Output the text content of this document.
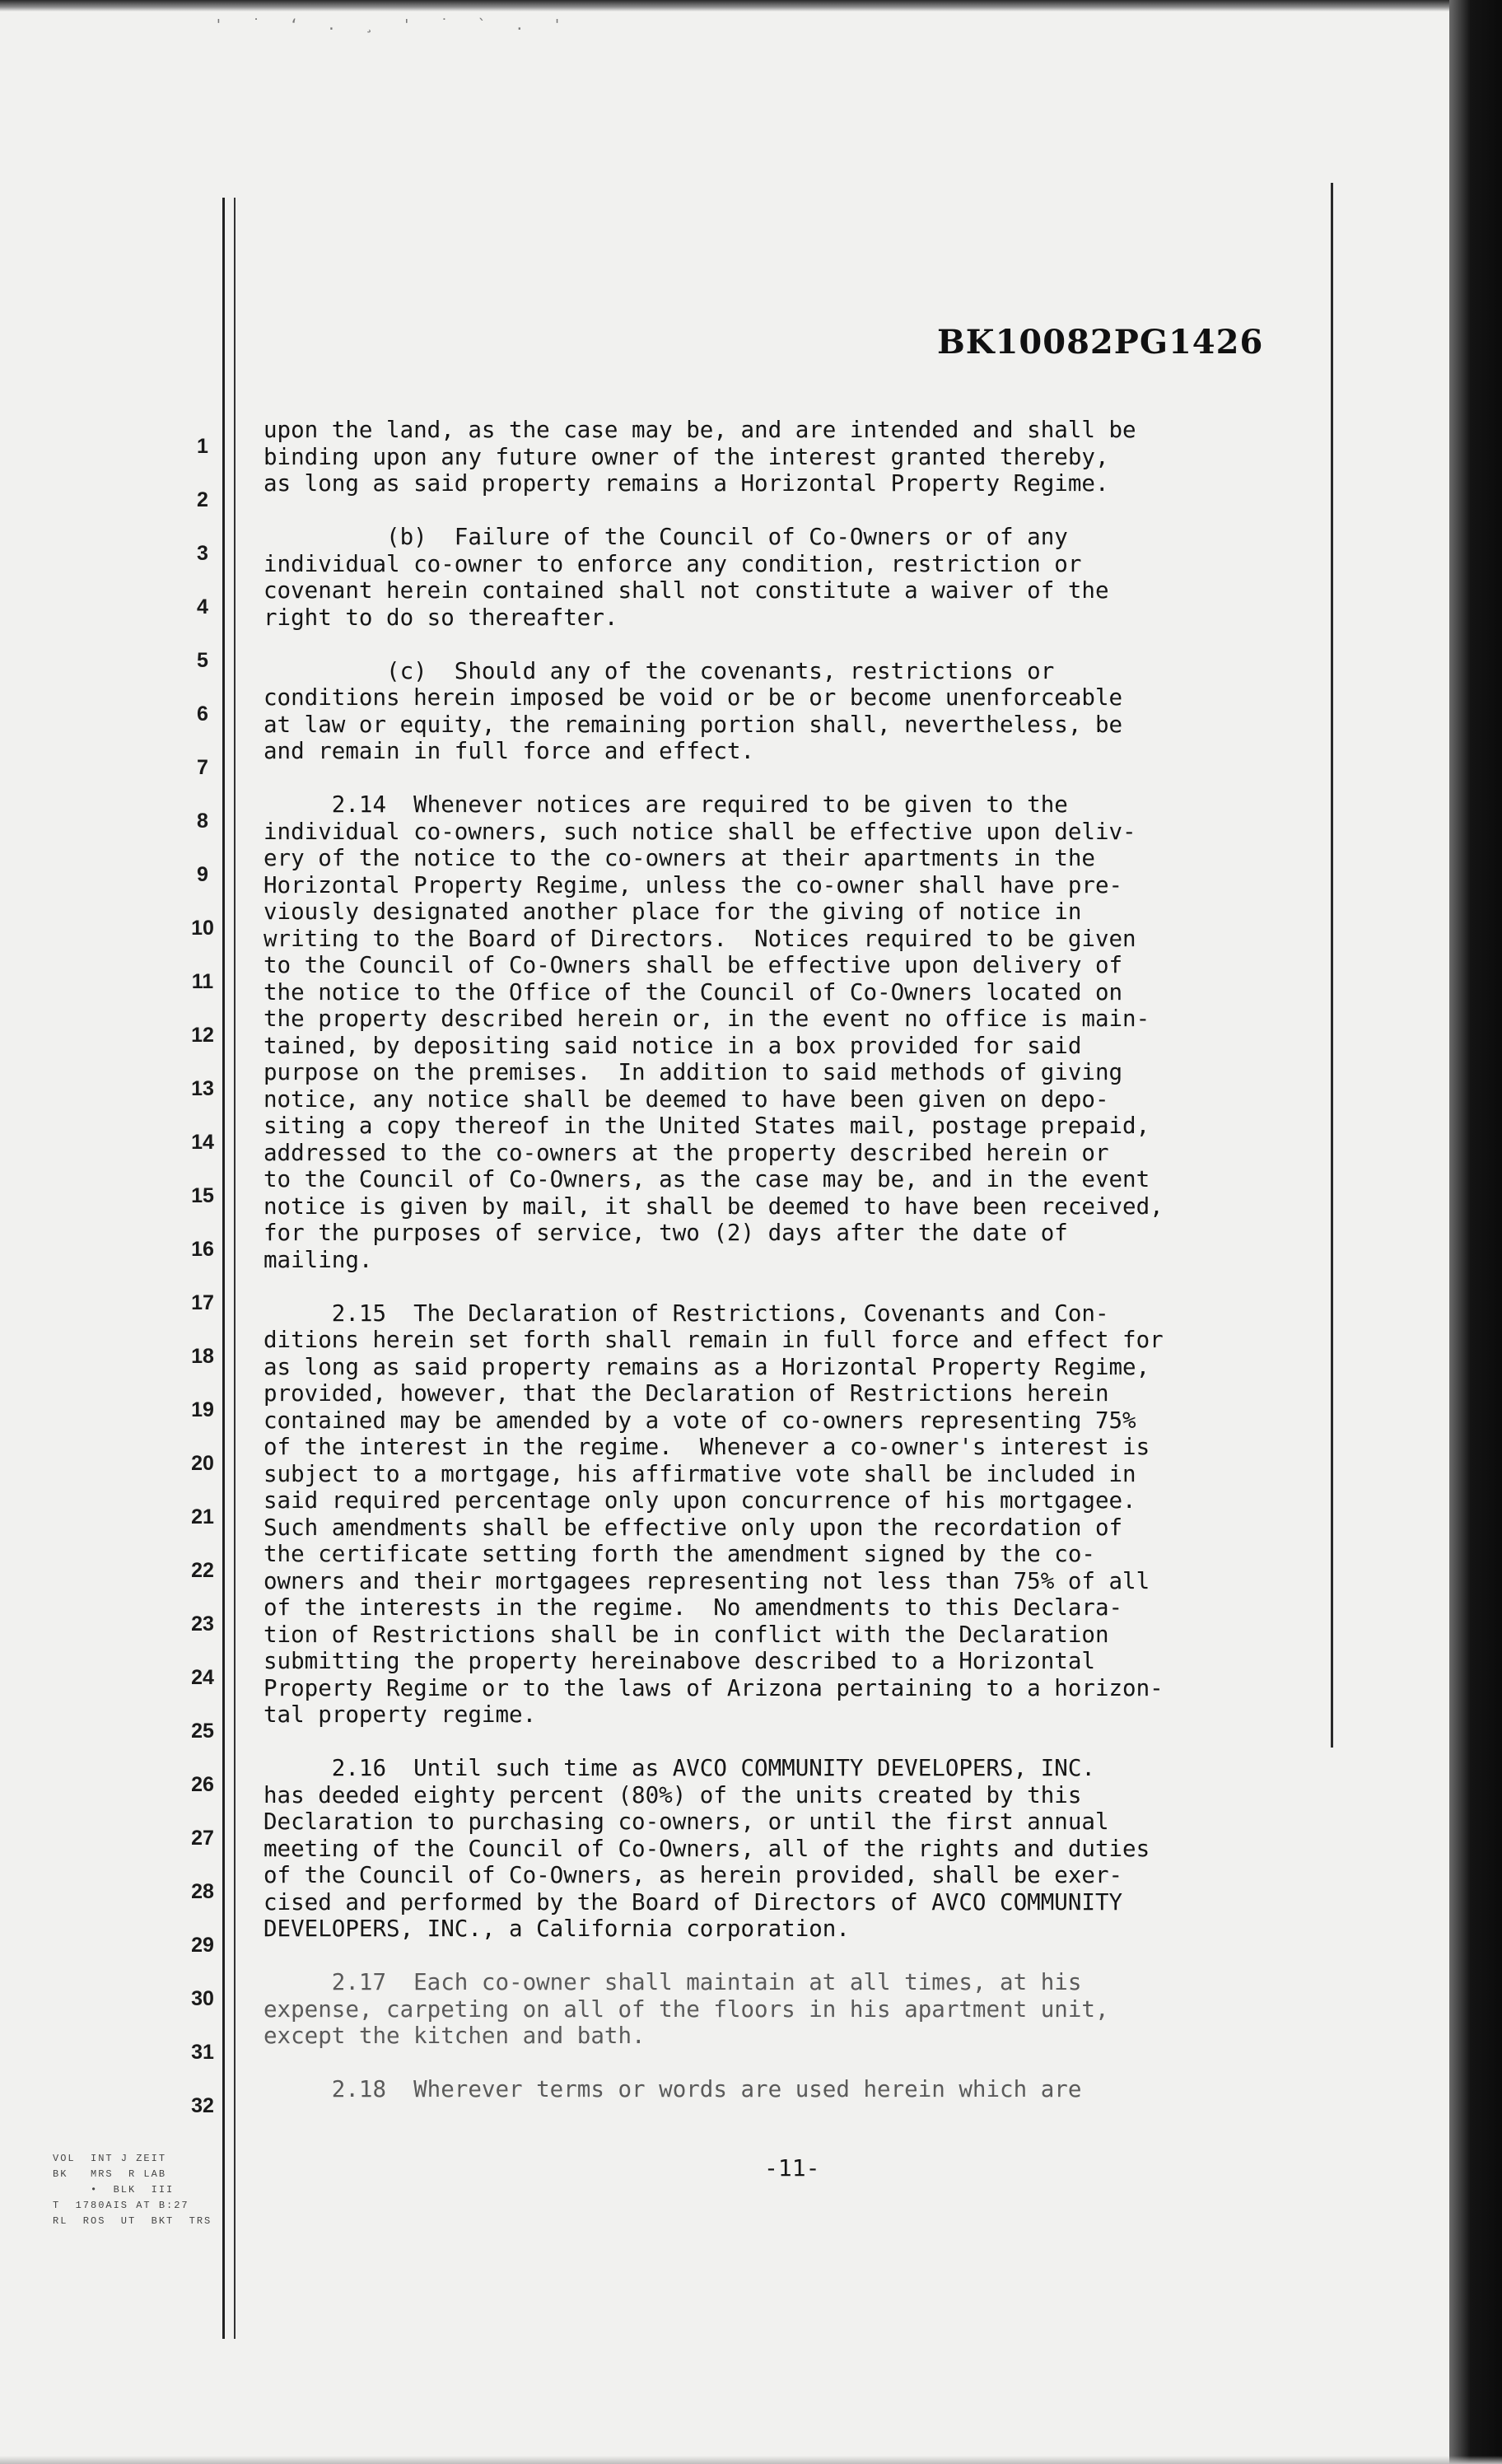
' ˙ ‘ . ¸ ' ˙ ` . '
BK10082PG1426
1
2
3
4
5
6
7
8
9
10
11
12
13
14
15
16
17
18
19
20
21
22
23
24
25
26
27
28
29
30
31
32
upon the land, as the case may be, and are intended and shall be
binding upon any future owner of the interest granted thereby,
as long as said property remains a Horizontal Property Regime.
(b)  Failure of the Council of Co-Owners or of any
individual co-owner to enforce any condition, restriction or
covenant herein contained shall not constitute a waiver of the
right to do so thereafter.
(c)  Should any of the covenants, restrictions or
conditions herein imposed be void or be or become unenforceable
at law or equity, the remaining portion shall, nevertheless, be
and remain in full force and effect.
2.14  Whenever notices are required to be given to the
individual co-owners, such notice shall be effective upon deliv-
ery of the notice to the co-owners at their apartments in the
Horizontal Property Regime, unless the co-owner shall have pre-
viously designated another place for the giving of notice in
writing to the Board of Directors.  Notices required to be given
to the Council of Co-Owners shall be effective upon delivery of
the notice to the Office of the Council of Co-Owners located on
the property described herein or, in the event no office is main-
tained, by depositing said notice in a box provided for said
purpose on the premises.  In addition to said methods of giving
notice, any notice shall be deemed to have been given on depo-
siting a copy thereof in the United States mail, postage prepaid,
addressed to the co-owners at the property described herein or
to the Council of Co-Owners, as the case may be, and in the event
notice is given by mail, it shall be deemed to have been received,
for the purposes of service, two (2) days after the date of
mailing.
2.15  The Declaration of Restrictions, Covenants and Con-
ditions herein set forth shall remain in full force and effect for
as long as said property remains as a Horizontal Property Regime,
provided, however, that the Declaration of Restrictions herein
contained may be amended by a vote of co-owners representing 75%
of the interest in the regime.  Whenever a co-owner's interest is
subject to a mortgage, his affirmative vote shall be included in
said required percentage only upon concurrence of his mortgagee.
Such amendments shall be effective only upon the recordation of
the certificate setting forth the amendment signed by the co-
owners and their mortgagees representing not less than 75% of all
of the interests in the regime.  No amendments to this Declara-
tion of Restrictions shall be in conflict with the Declaration
submitting the property hereinabove described to a Horizontal
Property Regime or to the laws of Arizona pertaining to a horizon-
tal property regime.
2.16  Until such time as AVCO COMMUNITY DEVELOPERS, INC.
has deeded eighty percent (80%) of the units created by this
Declaration to purchasing co-owners, or until the first annual
meeting of the Council of Co-Owners, all of the rights and duties
of the Council of Co-Owners, as herein provided, shall be exer-
cised and performed by the Board of Directors of AVCO COMMUNITY
DEVELOPERS, INC., a California corporation.
2.17  Each co-owner shall maintain at all times, at his
expense, carpeting on all of the floors in his apartment unit,
except the kitchen and bath.
2.18  Wherever terms or words are used herein which are
-11-
VOL  INT J ZEIT
BK   MRS  R LAB
•  BLK  III
T  1780AIS AT B:27
RL  ROS  UT  BKT  TRS
